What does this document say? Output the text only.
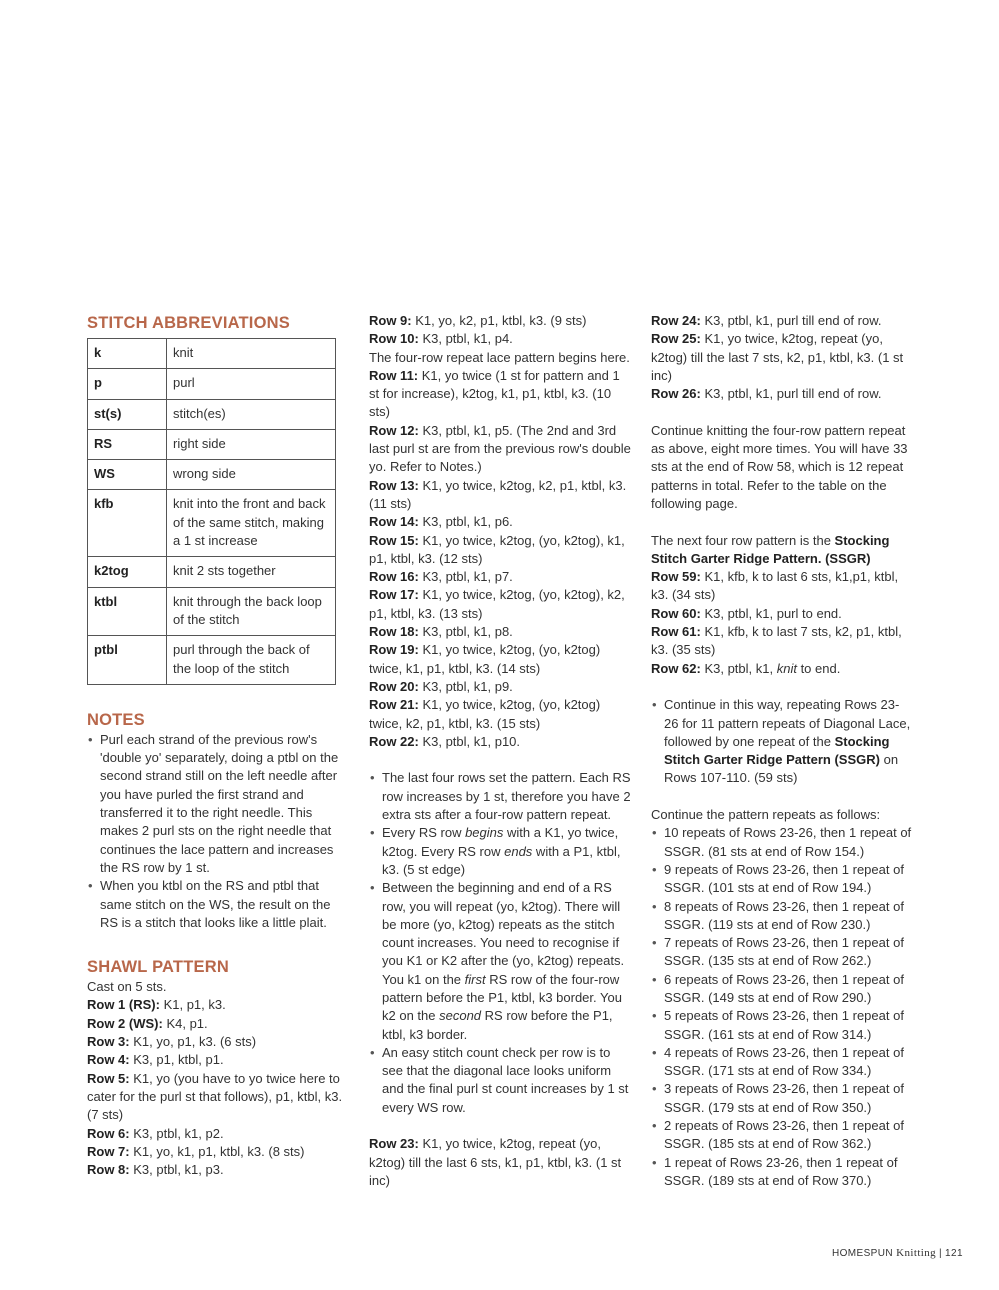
STITCH ABBREVIATIONS
k	knit
p	purl
st(s)	stitch(es)
RS	right side
WS	wrong side
kfb	knit into the front and back of the same stitch, making a 1 st increase
k2tog	knit 2 sts together
ktbl	knit through the back loop of the stitch
ptbl	purl through the back of the loop of the stitch
NOTES
• Purl each strand of the previous row's 'double yo' separately, doing a ptbl on the second strand still on the left needle after you have purled the first strand and transferred it to the right needle. This makes 2 purl sts on the right needle that continues the lace pattern and increases the RS row by 1 st.
• When you ktbl on the RS and ptbl that same stitch on the WS, the result on the RS is a stitch that looks like a little plait.
SHAWL PATTERN

Cast on 5 sts.

Row 1 (RS): K1, p1, k3.

Row 2 (WS): K4, p1.

Row 3: K1, yo, p1, k3. (6 sts)

Row 4: K3, p1, ktbl, p1.

Row 5: K1, yo (you have to yo twice here to cater for the purl st that follows), p1, ktbl, k3. (7 sts)

Row 6: K3, ptbl, k1, p2.

Row 7: K1, yo, k1, p1, ktbl, k3. (8 sts)

Row 8: K3, ptbl, k1, p3.

Row 9: K1, yo, k2, p1, ktbl, k3. (9 sts)

Row 10: K3, ptbl, k1, p4.

The four-row repeat lace pattern begins here.

Row 11: K1, yo twice (1 st for pattern and 1 st for increase), k2tog, k1, p1, ktbl, k3. (10 sts)

Row 12: K3, ptbl, k1, p5. (The 2nd and 3rd last purl st are from the previous row's double yo. Refer to Notes.)

Row 13: K1, yo twice, k2tog, k2, p1, ktbl, k3. (11 sts)

Row 14: K3, ptbl, k1, p6.

Row 15: K1, yo twice, k2tog, (yo, k2tog), k1, p1, ktbl, k3. (12 sts)

Row 16: K3, ptbl, k1, p7.

Row 17: K1, yo twice, k2tog, (yo, k2tog), k2, p1, ktbl, k3. (13 sts)

Row 18: K3, ptbl, k1, p8.

Row 19: K1, yo twice, k2tog, (yo, k2tog) twice, k1, p1, ktbl, k3. (14 sts)

Row 20: K3, ptbl, k1, p9.

Row 21: K1, yo twice, k2tog, (yo, k2tog) twice, k2, p1, ktbl, k3. (15 sts)

Row 22: K3, ptbl, k1, p10.

• The last four rows set the pattern. Each RS row increases by 1 st, therefore you have 2 extra sts after a four-row pattern repeat.
• Every RS row begins with a K1, yo twice, k2tog. Every RS row ends with a P1, ktbl, k3. (5 st edge)
• Between the beginning and end of a RS row, you will repeat (yo, k2tog). There will be more (yo, k2tog) repeats as the stitch count increases. You need to recognise if you K1 or K2 after the (yo, k2tog) repeats. You k1 on the first RS row of the four-row pattern before the P1, ktbl, k3 border. You k2 on the second RS row before the P1, ktbl, k3 border.
• An easy stitch count check per row is to see that the diagonal lace looks uniform and the final purl st count increases by 1 st every WS row.

Row 23: K1, yo twice, k2tog, repeat (yo, k2tog) till the last 6 sts, k1, p1, ktbl, k3. (1 st inc)

Row 24: K3, ptbl, k1, purl till end of row.

Row 25: K1, yo twice, k2tog, repeat (yo, k2tog) till the last 7 sts, k2, p1, ktbl, k3. (1 st inc)

Row 26: K3, ptbl, k1, purl till end of row.

Continue knitting the four-row pattern repeat as above, eight more times. You will have 33 sts at the end of Row 58, which is 12 repeat patterns in total. Refer to the table on the following page.

The next four row pattern is the Stocking Stitch Garter Ridge Pattern. (SSGR)

Row 59: K1, kfb, k to last 6 sts, k1,p1, ktbl, k3. (34 sts)

Row 60: K3, ptbl, k1, purl to end.

Row 61: K1, kfb, k to last 7 sts, k2, p1, ktbl, k3. (35 sts)

Row 62: K3, ptbl, k1, knit to end.

• Continue in this way, repeating Rows 23-26 for 11 pattern repeats of Diagonal Lace, followed by one repeat of the Stocking Stitch Garter Ridge Pattern (SSGR) on Rows 107-110. (59 sts)

Continue the pattern repeats as follows:

• 10 repeats of Rows 23-26, then 1 repeat of SSGR. (81 sts at end of Row 154.)
• 9 repeats of Rows 23-26, then 1 repeat of SSGR. (101 sts at end of Row 194.)
• 8 repeats of Rows 23-26, then 1 repeat of SSGR. (119 sts at end of Row 230.)
• 7 repeats of Rows 23-26, then 1 repeat of SSGR. (135 sts at end of Row 262.)
• 6 repeats of Rows 23-26, then 1 repeat of SSGR. (149 sts at end of Row 290.)
• 5 repeats of Rows 23-26, then 1 repeat of SSGR. (161 sts at end of Row 314.)
• 4 repeats of Rows 23-26, then 1 repeat of SSGR. (171 sts at end of Row 334.)
• 3 repeats of Rows 23-26, then 1 repeat of SSGR. (179 sts at end of Row 350.)
• 2 repeats of Rows 23-26, then 1 repeat of SSGR. (185 sts at end of Row 362.)
• 1 repeat of Rows 23-26, then 1 repeat of SSGR. (189 sts at end of Row 370.)
HOMESPUN Knitting | 121
